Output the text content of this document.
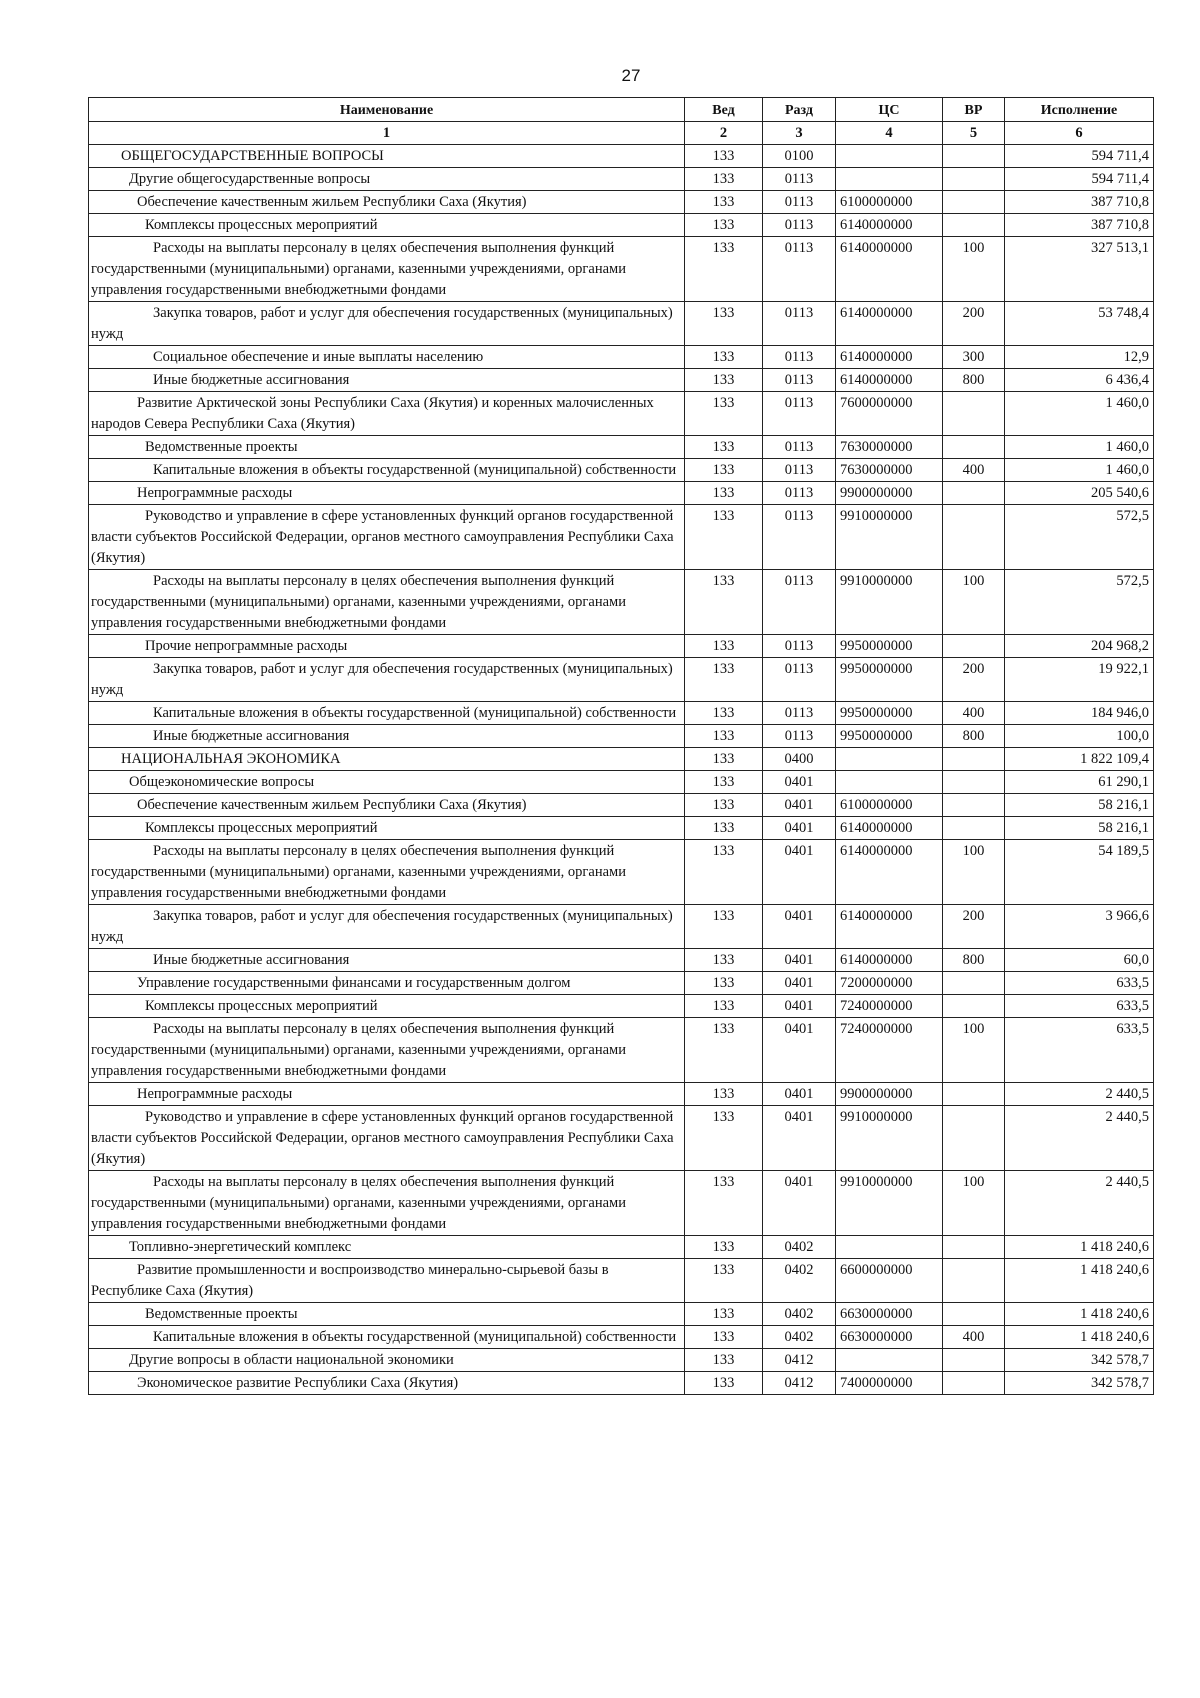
27
Наименование	Вед	Разд	ЦС	ВР	Исполнение
1	2	3	4	5	6
ОБЩЕГОСУДАРСТВЕННЫЕ ВОПРОСЫ	133	0100			594 711,4
Другие общегосударственные вопросы	133	0113			594 711,4
Обеспечение качественным жильем Республики Саха (Якутия)	133	0113	6100000000		387 710,8
Комплексы процессных мероприятий	133	0113	6140000000		387 710,8
Расходы на выплаты персоналу в целях обеспечения выполнения функций государственными (муниципальными) органами, казенными учреждениями, органами управления государственными внебюджетными фондами	133	0113	6140000000	100	327 513,1
Закупка товаров, работ и услуг для обеспечения государственных (муниципальных) нужд	133	0113	6140000000	200	53 748,4
Социальное обеспечение и иные выплаты населению	133	0113	6140000000	300	12,9
Иные бюджетные ассигнования	133	0113	6140000000	800	6 436,4
Развитие Арктической зоны Республики Саха (Якутия) и коренных малочисленных народов Севера Республики Саха (Якутия)	133	0113	7600000000		1 460,0
Ведомственные проекты	133	0113	7630000000		1 460,0
Капитальные вложения в объекты государственной (муниципальной) собственности	133	0113	7630000000	400	1 460,0
Непрограммные расходы	133	0113	9900000000		205 540,6
Руководство и управление в сфере установленных функций органов государственной власти субъектов Российской Федерации, органов местного самоуправления Республики Саха (Якутия)	133	0113	9910000000		572,5
Расходы на выплаты персоналу в целях обеспечения выполнения функций государственными (муниципальными) органами, казенными учреждениями, органами управления государственными внебюджетными фондами	133	0113	9910000000	100	572,5
Прочие непрограммные расходы	133	0113	9950000000		204 968,2
Закупка товаров, работ и услуг для обеспечения государственных (муниципальных) нужд	133	0113	9950000000	200	19 922,1
Капитальные вложения в объекты государственной (муниципальной) собственности	133	0113	9950000000	400	184 946,0
Иные бюджетные ассигнования	133	0113	9950000000	800	100,0
НАЦИОНАЛЬНАЯ ЭКОНОМИКА	133	0400			1 822 109,4
Общеэкономические вопросы	133	0401			61 290,1
Обеспечение качественным жильем Республики Саха (Якутия)	133	0401	6100000000		58 216,1
Комплексы процессных мероприятий	133	0401	6140000000		58 216,1
Расходы на выплаты персоналу в целях обеспечения выполнения функций государственными (муниципальными) органами, казенными учреждениями, органами управления государственными внебюджетными фондами	133	0401	6140000000	100	54 189,5
Закупка товаров, работ и услуг для обеспечения государственных (муниципальных) нужд	133	0401	6140000000	200	3 966,6
Иные бюджетные ассигнования	133	0401	6140000000	800	60,0
Управление государственными финансами и государственным долгом	133	0401	7200000000		633,5
Комплексы процессных мероприятий	133	0401	7240000000		633,5
Расходы на выплаты персоналу в целях обеспечения выполнения функций государственными (муниципальными) органами, казенными учреждениями, органами управления государственными внебюджетными фондами	133	0401	7240000000	100	633,5
Непрограммные расходы	133	0401	9900000000		2 440,5
Руководство и управление в сфере установленных функций органов государственной власти субъектов Российской Федерации, органов местного самоуправления Республики Саха (Якутия)	133	0401	9910000000		2 440,5
Расходы на выплаты персоналу в целях обеспечения выполнения функций государственными (муниципальными) органами, казенными учреждениями, органами управления государственными внебюджетными фондами	133	0401	9910000000	100	2 440,5
Топливно-энергетический комплекс	133	0402			1 418 240,6
Развитие промышленности и воспроизводство минерально-сырьевой базы в Республике Саха (Якутия)	133	0402	6600000000		1 418 240,6
Ведомственные проекты	133	0402	6630000000		1 418 240,6
Капитальные вложения в объекты государственной (муниципальной) собственности	133	0402	6630000000	400	1 418 240,6
Другие вопросы в области национальной экономики	133	0412			342 578,7
Экономическое развитие Республики Саха (Якутия)	133	0412	7400000000		342 578,7
